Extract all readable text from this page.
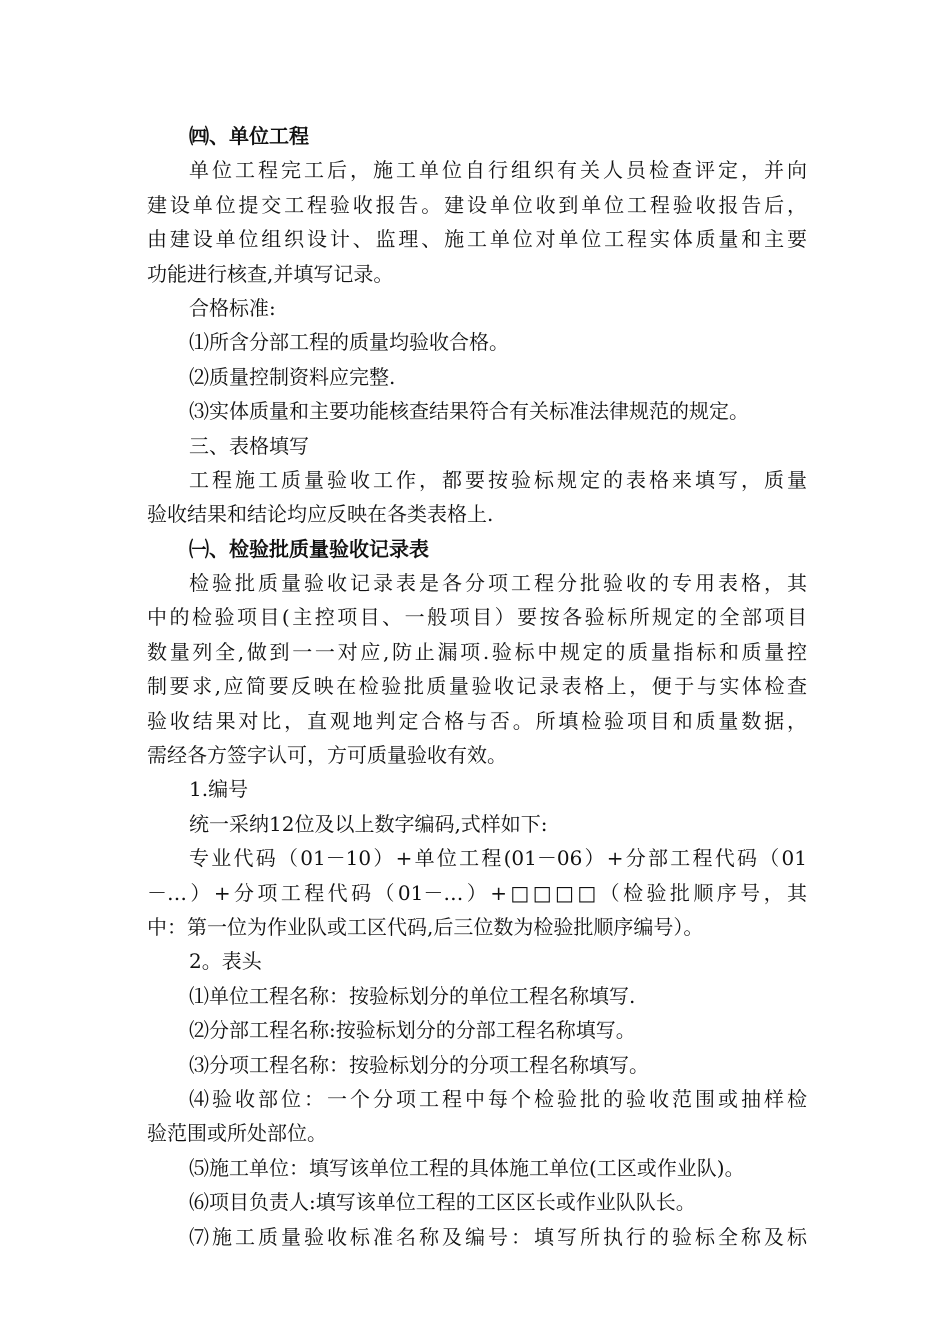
㈣、单位工程
单位工程完工后，施工单位自行组织有关人员检查评定，并向
建设单位提交工程验收报告。建设单位收到单位工程验收报告后，
由建设单位组织设计、监理、施工单位对单位工程实体质量和主要
功能进行核查,并填写记录。
合格标准:
⑴所含分部工程的质量均验收合格。
⑵质量控制资料应完整.
⑶实体质量和主要功能核查结果符合有关标准法律规范的规定。
三、表格填写
工程施工质量验收工作，都要按验标规定的表格来填写，质量
验收结果和结论均应反映在各类表格上.
㈠、检验批质量验收记录表
检验批质量验收记录表是各分项工程分批验收的专用表格，其
中的检验项目(主控项目、一般项目）要按各验标所规定的全部项目
数量列全,做到一一对应,防止漏项.验标中规定的质量指标和质量控
制要求,应简要反映在检验批质量验收记录表格上，便于与实体检查
验收结果对比，直观地判定合格与否。所填检验项目和质量数据，
需经各方签字认可，方可质量验收有效。
1.编号
统一采纳12位及以上数字编码,式样如下:
专业代码（01－10）+单位工程(01－06）+分部工程代码（01
－…）+分项工程代码（01－…）+□□□□（检验批顺序号，其
中：第一位为作业队或工区代码,后三位数为检验批顺序编号）。
2。表头
⑴单位工程名称：按验标划分的单位工程名称填写.
⑵分部工程名称:按验标划分的分部工程名称填写。
⑶分项工程名称：按验标划分的分项工程名称填写。
⑷验收部位：一个分项工程中每个检验批的验收范围或抽样检
验范围或所处部位。
⑸施工单位：填写该单位工程的具体施工单位(工区或作业队)。
⑹项目负责人:填写该单位工程的工区区长或作业队队长。
⑺施工质量验收标准名称及编号：填写所执行的验标全称及标
